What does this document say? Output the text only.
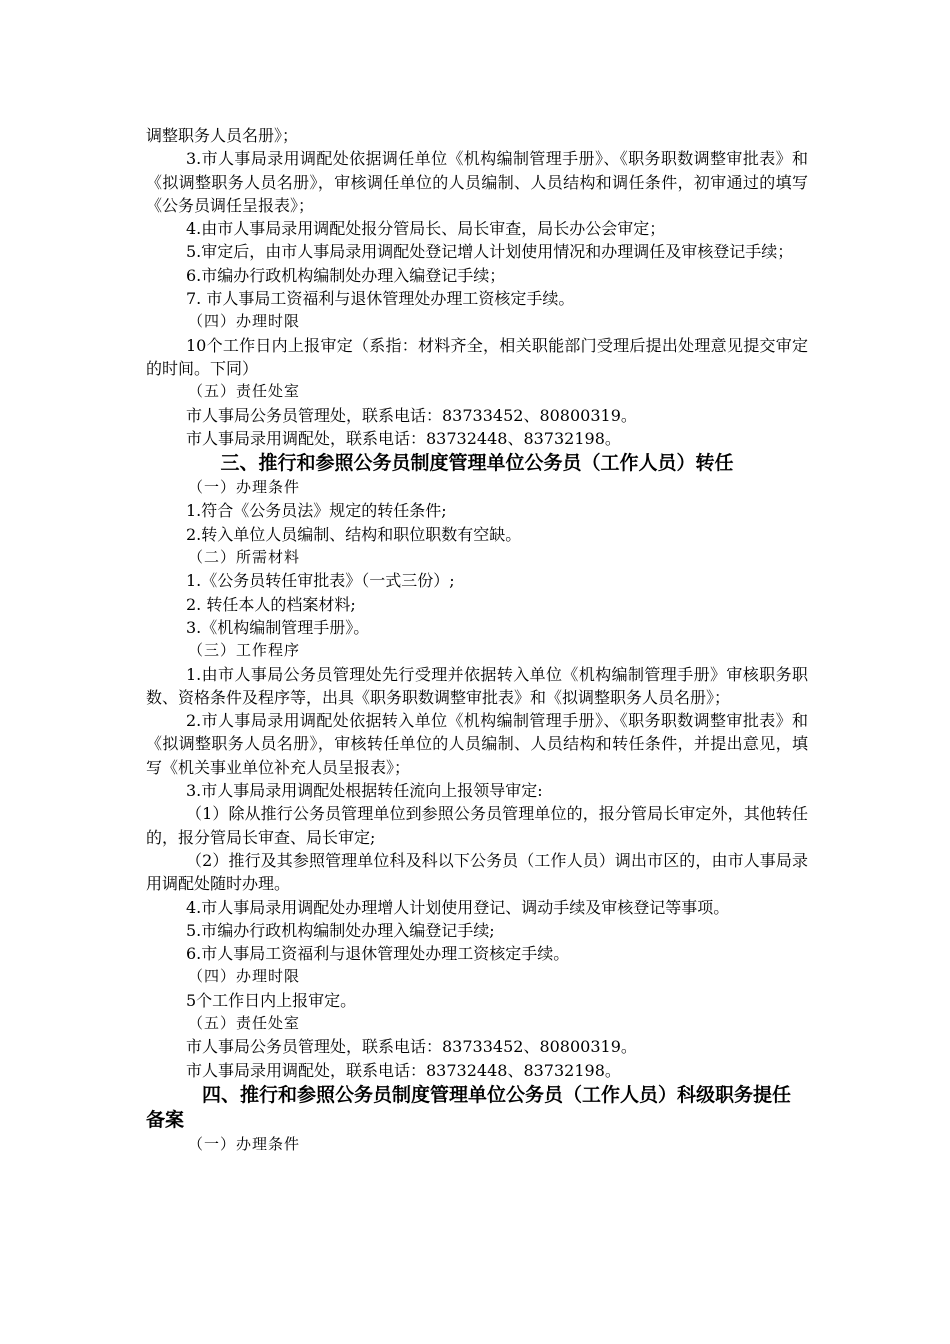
调整职务人员名册》；

3.市人事局录用调配处依据调任单位《机构编制管理手册》、《职务职数调整审批表》和《拟调整职务人员名册》，审核调任单位的人员编制、人员结构和调任条件，初审通过的填写《公务员调任呈报表》；

4.由市人事局录用调配处报分管局长、局长审查，局长办公会审定；

5.审定后，由市人事局录用调配处登记增人计划使用情况和办理调任及审核登记手续；

6.市编办行政机构编制处办理入编登记手续；

7. 市人事局工资福利与退休管理处办理工资核定手续。

（四）办理时限

10个工作日内上报审定（系指：材料齐全，相关职能部门受理后提出处理意见提交审定的时间。下同）

（五）责任处室

市人事局公务员管理处，联系电话：83733452、80800319。

市人事局录用调配处，联系电话：83732448、83732198。

三、推行和参照公务员制度管理单位公务员（工作人员）转任

（一）办理条件

1.符合《公务员法》规定的转任条件;

2.转入单位人员编制、结构和职位职数有空缺。

（二）所需材料

1.《公务员转任审批表》（一式三份）;

2. 转任本人的档案材料;

3.《机构编制管理手册》。

（三）工作程序

1.由市人事局公务员管理处先行受理并依据转入单位《机构编制管理手册》审核职务职数、资格条件及程序等，出具《职务职数调整审批表》和《拟调整职务人员名册》；

2.市人事局录用调配处依据转入单位《机构编制管理手册》、《职务职数调整审批表》和《拟调整职务人员名册》，审核转任单位的人员编制、人员结构和转任条件，并提出意见，填写《机关事业单位补充人员呈报表》；

3.市人事局录用调配处根据转任流向上报领导审定:

（1）除从推行公务员管理单位到参照公务员管理单位的，报分管局长审定外，其他转任的，报分管局长审查、局长审定;

（2）推行及其参照管理单位科及科以下公务员（工作人员）调出市区的，由市人事局录用调配处随时办理。

4.市人事局录用调配处办理增人计划使用登记、调动手续及审核登记等事项。

5.市编办行政机构编制处办理入编登记手续;

6.市人事局工资福利与退休管理处办理工资核定手续。

（四）办理时限

5个工作日内上报审定。

（五）责任处室

市人事局公务员管理处，联系电话：83733452、80800319。

市人事局录用调配处，联系电话：83732448、83732198。

四、推行和参照公务员制度管理单位公务员（工作人员）科级职务提任备案

（一）办理条件
